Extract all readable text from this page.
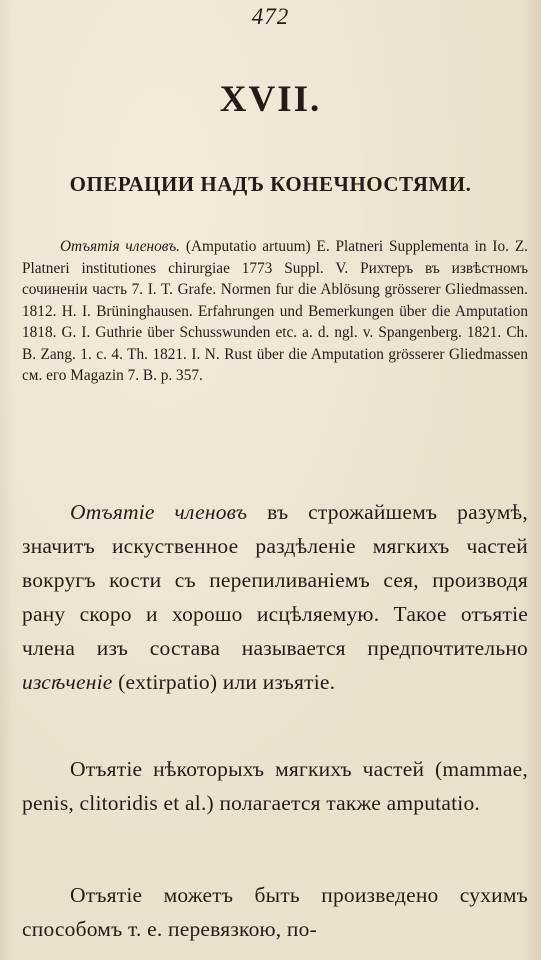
472
XVII.
ОПЕРАЦИИ НАДЪ КОНЕЧНОСТЯМИ.

Отъятiя членовъ. (Amputatio artuum) E. Platneri Supplementa in Io. Z. Platneri institutiones chirurgiae 1773 Suppl. V. Рихтеръ въ извѣстномъ сочиненiи часть 7. I. T. Grafe. Normen fur die Ablösung grösserer Gliedmassen. 1812. H. I. Brüninghausen. Erfahrungen und Bemerkungen über die Amputation 1818. G. I. Guthrie über Schusswunden etc. a. d. ngl. v. Spangenberg. 1821. Ch. B. Zang. 1. c. 4. Th. 1821. I. N. Rust über die Amputation grösserer Gliedmassen см. его Magazin 7. B. p. 357.

Отъятiе членовъ въ строжайшемъ разумѣ, значитъ искуственное раздѣленiе мягкихъ частей вокругъ кости съ перепиливанiемъ сея, производя рану скоро и хорошо исцѣляемую. Такое отъятiе члена изъ состава называется предпочтительно изсѣченiе (extirpatio) или изъятiе.

Отъятiе нѣкоторыхъ мягкихъ частей (mammae, penis, clitoridis et al.) полагается также amputatio.

Отъятiе можетъ быть произведено сухимъ способомъ т. е. перевязкою, по-
